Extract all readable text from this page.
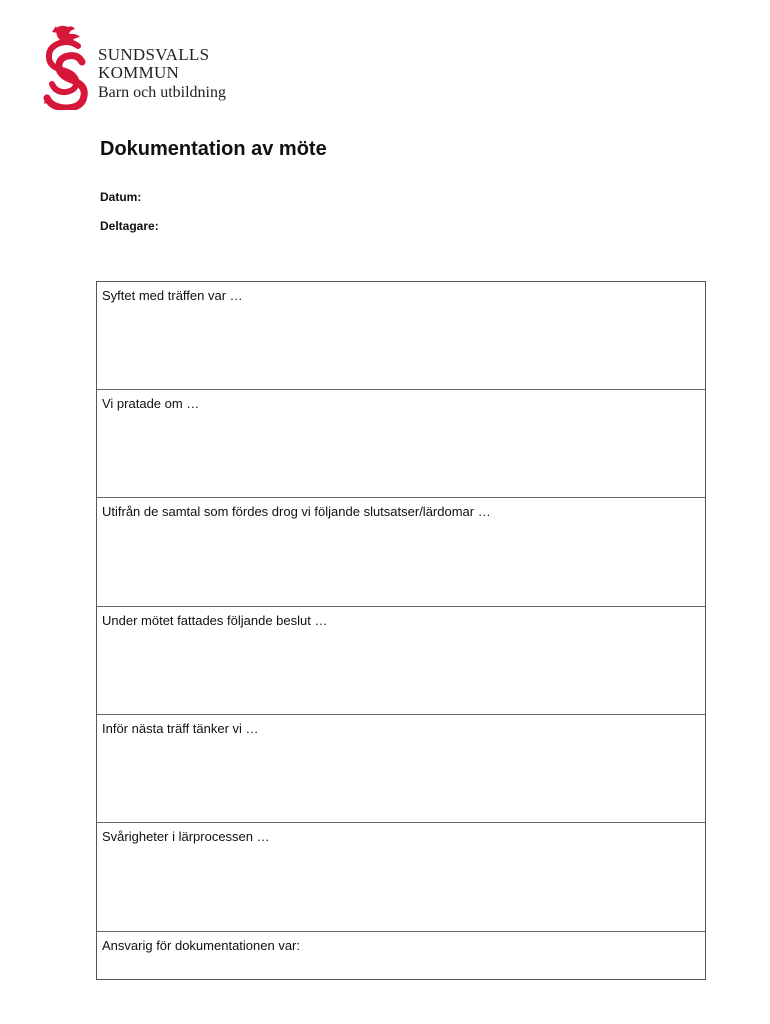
SUNDSVALLS
KOMMUN
Barn och utbildning
Dokumentation av möte
Datum:
Deltagare:
Syftet med träffen var …
Vi pratade om …
Utifrån de samtal som fördes drog vi följande slutsatser/lärdomar …
Under mötet fattades följande beslut …
Inför nästa träff tänker vi …
Svårigheter i lärprocessen …
Ansvarig för dokumentationen var:
